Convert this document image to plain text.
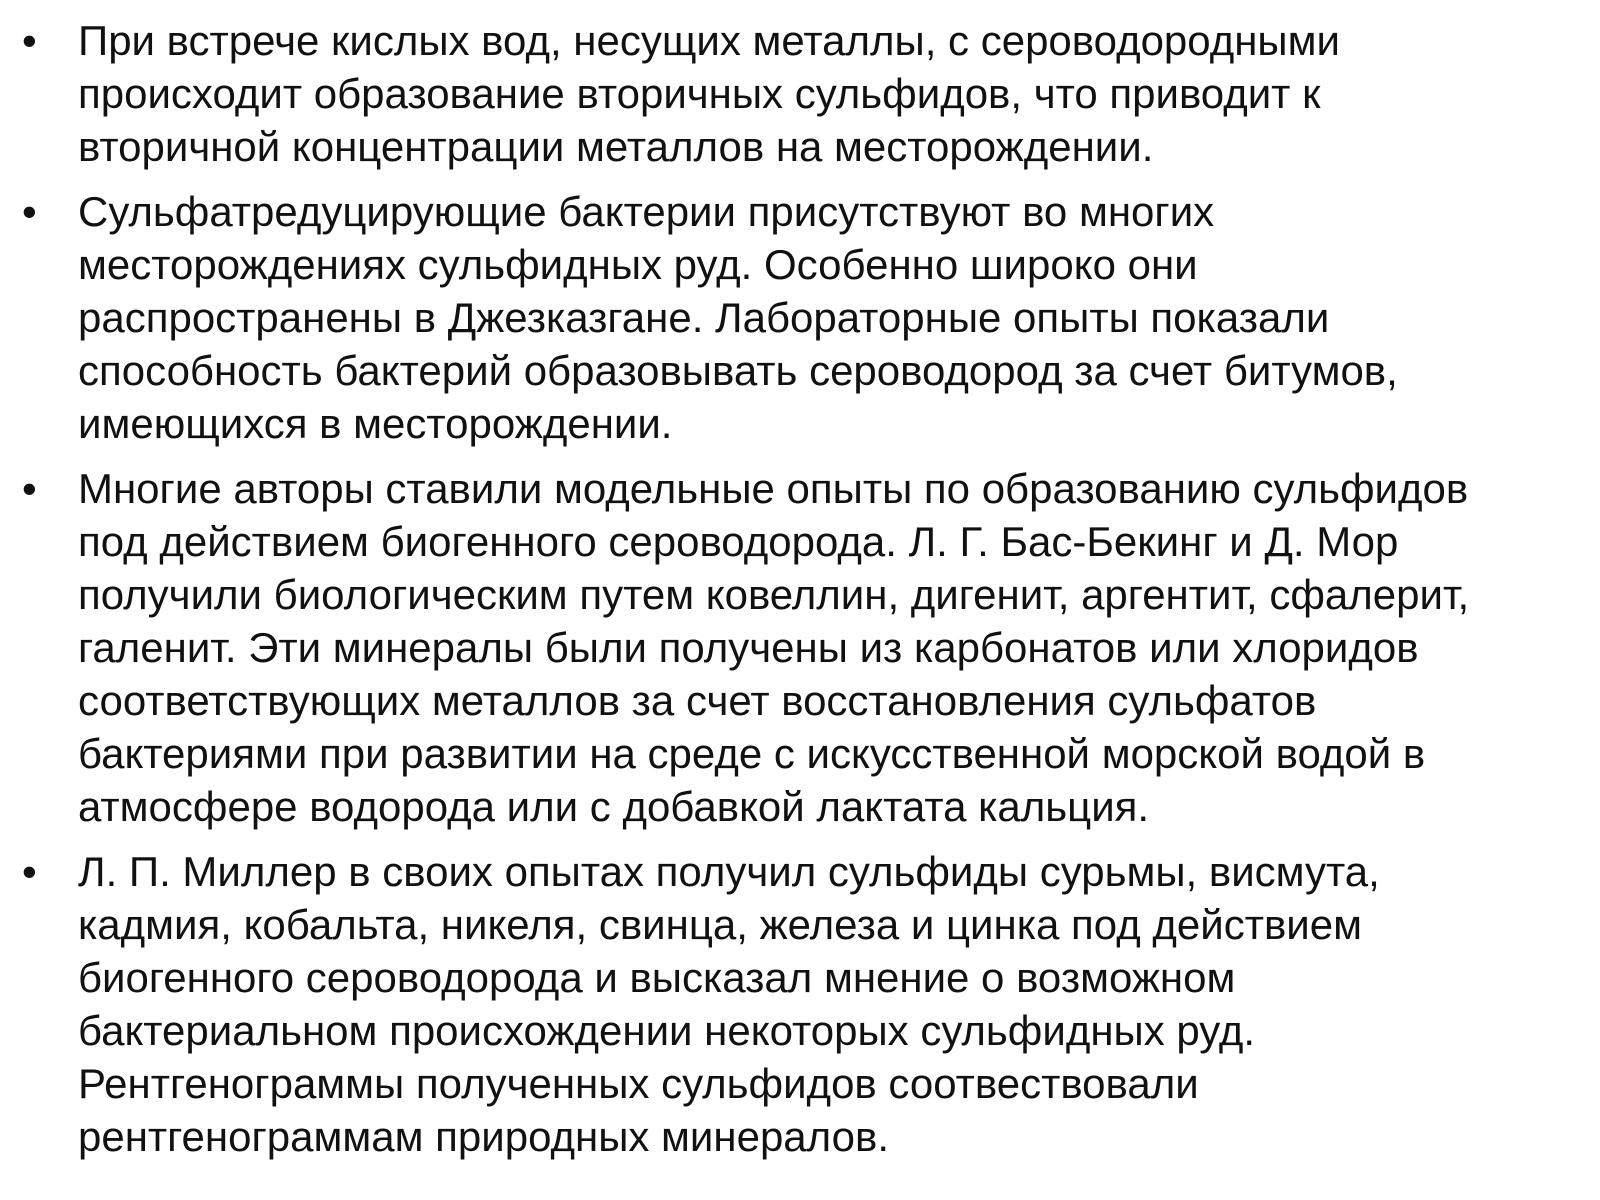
• При встрече кислых вод, несущих металлы, с сероводородными
происходит образование вторичных сульфидов, что приводит к
вторичной концентрации металлов на месторождении.
• Сульфатредуцирующие бактерии присутствуют во многих
месторождениях сульфидных руд. Особенно широко они
распространены в Джезказгане. Лабораторные опыты показали
способность бактерий образовывать сероводород за счет битумов,
имеющихся в месторождении.
• Многие авторы ставили модельные опыты по образованию сульфидов
под действием биогенного сероводорода. Л. Г. Бас-Бекинг и Д. Мор
получили биологическим путем ковеллин, дигенит, аргентит, сфалерит,
галенит. Эти минералы были получены из карбонатов или хлоридов
соответствующих металлов за счет восстановления сульфатов
бактериями при развитии на среде с искусственной морской водой в
атмосфере водорода или с добавкой лактата кальция.
• Л. П. Миллер в своих опытах получил сульфиды сурьмы, висмута,
кадмия, кобальта, никеля, свинца, железа и цинка под действием
биогенного сероводорода и высказал мнение о возможном
бактериальном происхождении некоторых сульфидных руд.
Рентгенограммы полученных сульфидов соотвествовали
рентгенограммам природных минералов.
